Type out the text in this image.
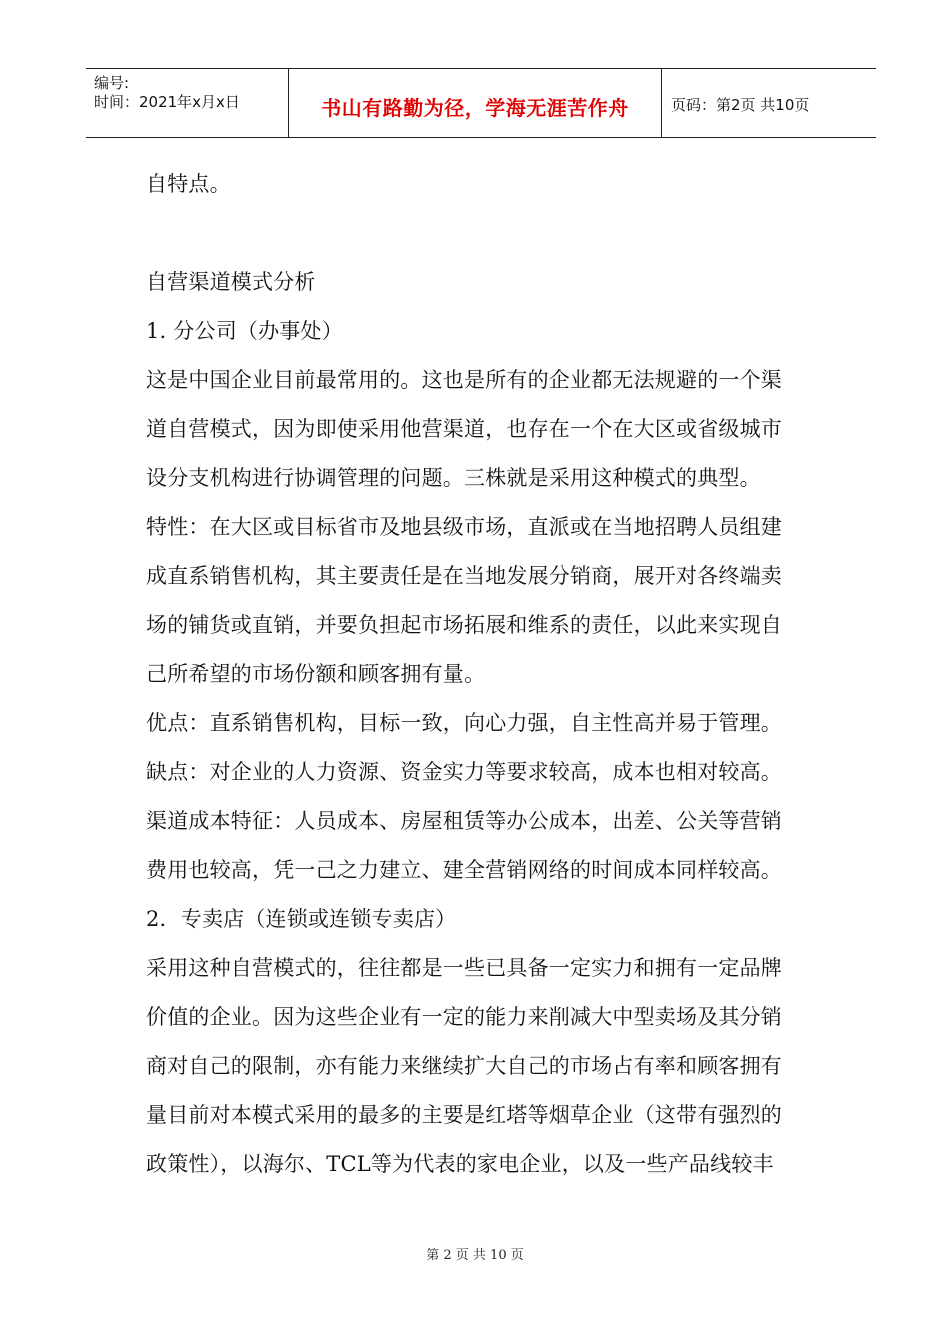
编号:
时间：2021年x月x日	书山有路勤为径，学海无涯苦作舟	页码：第2页 共10页
自特点。
自营渠道模式分析
1. 分公司（办事处）
这是中国企业目前最常用的。这也是所有的企业都无法规避的一个渠
道自营模式，因为即使采用他营渠道，也存在一个在大区或省级城市
设分支机构进行协调管理的问题。三株就是采用这种模式的典型。
特性：在大区或目标省市及地县级市场，直派或在当地招聘人员组建
成直系销售机构，其主要责任是在当地发展分销商，展开对各终端卖
场的铺货或直销，并要负担起市场拓展和维系的责任，以此来实现自
己所希望的市场份额和顾客拥有量。
优点：直系销售机构，目标一致，向心力强，自主性高并易于管理。
缺点：对企业的人力资源、资金实力等要求较高，成本也相对较高。
渠道成本特征：人员成本、房屋租赁等办公成本，出差、公关等营销
费用也较高，凭一己之力建立、建全营销网络的时间成本同样较高。
2．专卖店（连锁或连锁专卖店）
采用这种自营模式的，往往都是一些已具备一定实力和拥有一定品牌
价值的企业。因为这些企业有一定的能力来削减大中型卖场及其分销
商对自己的限制，亦有能力来继续扩大自己的市场占有率和顾客拥有
量目前对本模式采用的最多的主要是红塔等烟草企业（这带有强烈的
政策性），以海尔、TCL等为代表的家电企业，以及一些产品线较丰
第 2 页 共 10 页
